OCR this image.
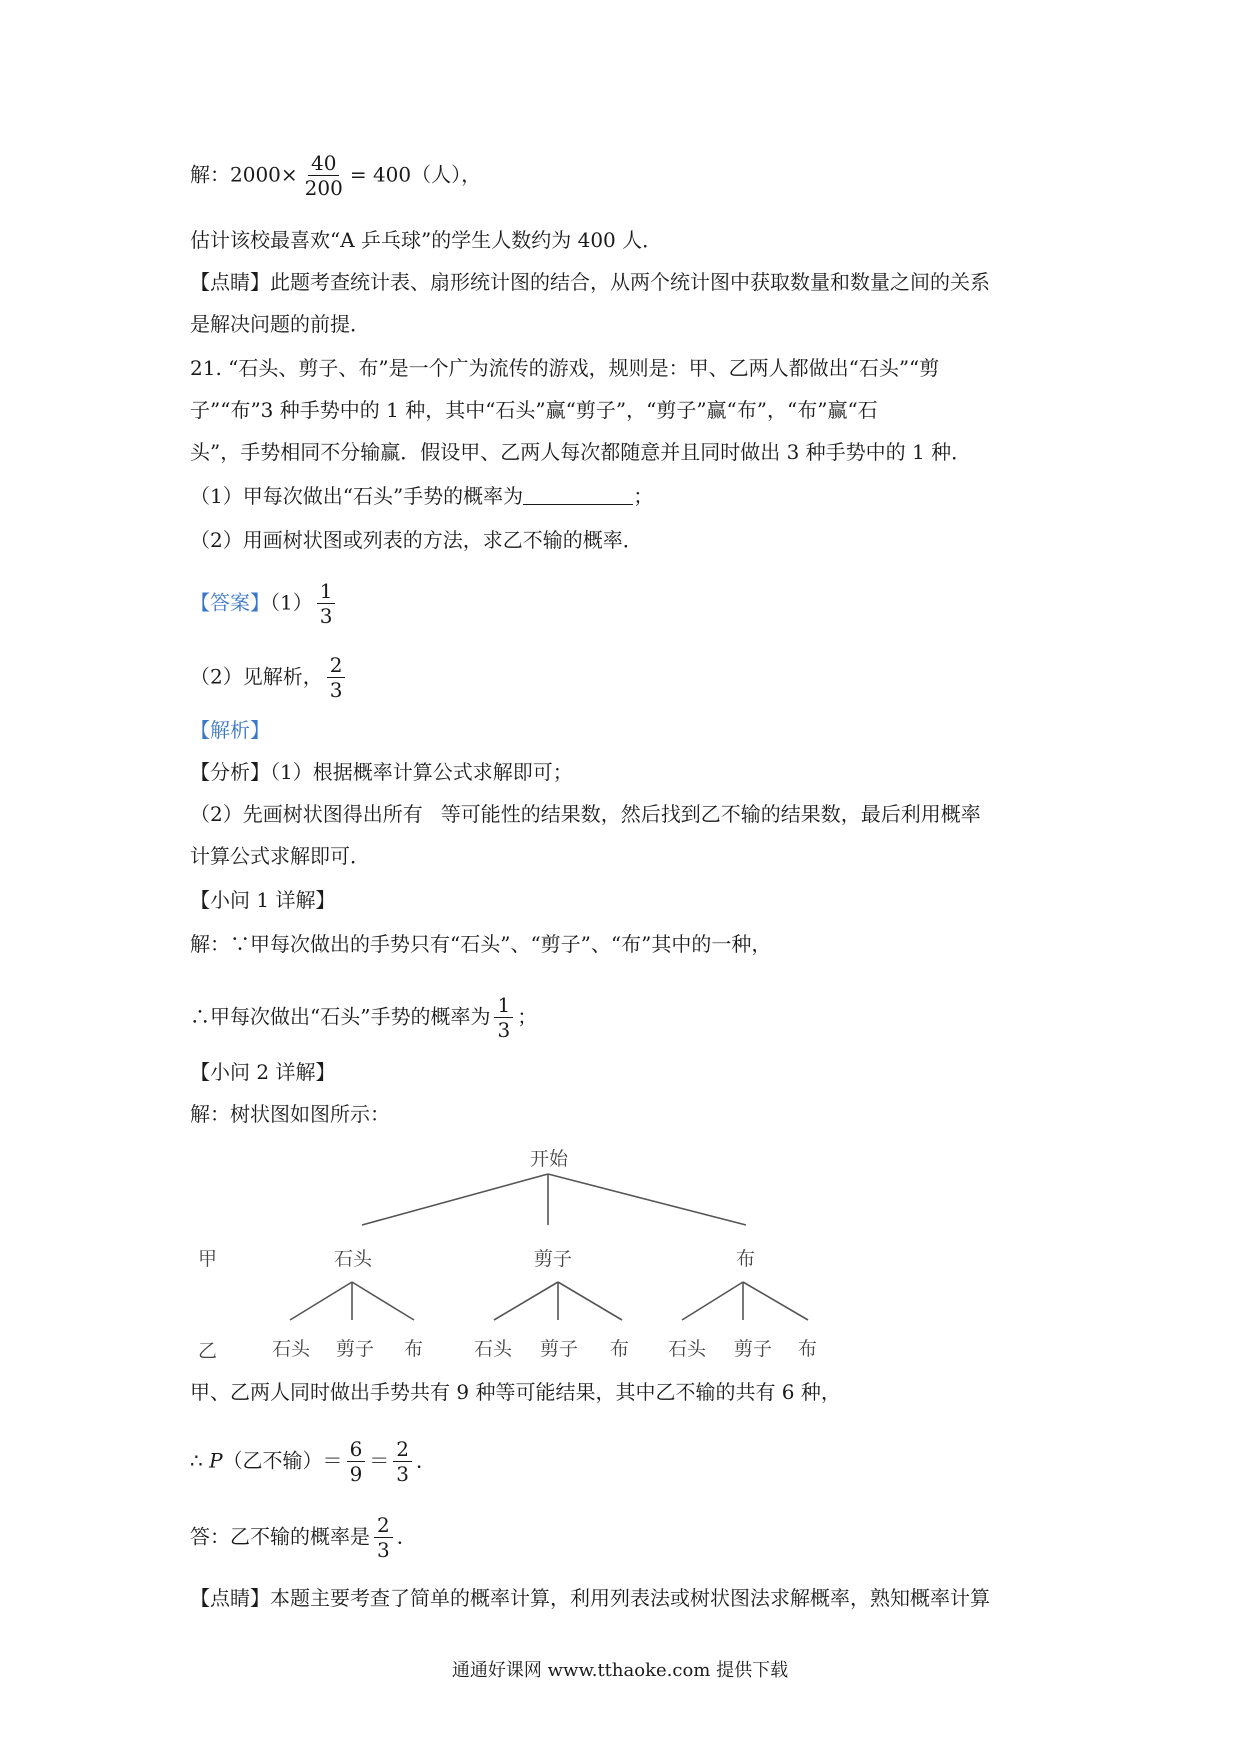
解：$2000\times \frac{40}{200} = 400$（人），
估计该校最喜欢“A 乒乓球”的学生人数约为 400 人．
【点睛】此题考查统计表、扇形统计图的结合，从两个统计图中获取数量和数量之间的关系
是解决问题的前提．
21. “石头、剪子、布”是一个广为流传的游戏，规则是：甲、乙两人都做出“石头”“剪
子”“布”3 种手势中的 1 种，其中“石头”赢“剪子”，“剪子”赢“布”，“布”赢“石
头”，手势相同不分输赢．假设甲、乙两人每次都随意并且同时做出 3 种手势中的 1 种．
（1）甲每次做出“石头”手势的概率为	；
（2）用画树状图或列表的方法，求乙不输的概率．
【答案】$(1) \frac{1}{3}$
（2）见解析， $\frac{2}{3}$
【解析】
【分析】（1）根据概率计算公式求解即可；
（2）先画树状图得出所有 等可能性的结果数，然后找到乙不输的结果数，最后利用概率
计算公式求解即可．
【小问 1 详解】
解：∵甲每次做出的手势只有“石头”、“剪子”、“布”其中的一种，
∴甲每次做出“石头”手势的概率为 $\frac{1}{3}$ ；
【小问 2 详解】
解：树状图如图所示：
开始
甲	石头	剪子	布
乙	石头 剪子 布	石头 剪子 布 石头 剪子 布
甲、乙两人同时做出手势共有 9 种等可能结果，其中乙不输的共有 6 种，
∴ P（乙不输）＝ $\frac{6}{9} = \frac{2}{3}$ ．
答：乙不输的概率是 $\frac{2}{3}$ ．
【点睛】本题主要考查了简单的概率计算，利用列表法或树状图法求解概率，熟知概率计算
通通好课网 www.tthaoke.com 提供下载
